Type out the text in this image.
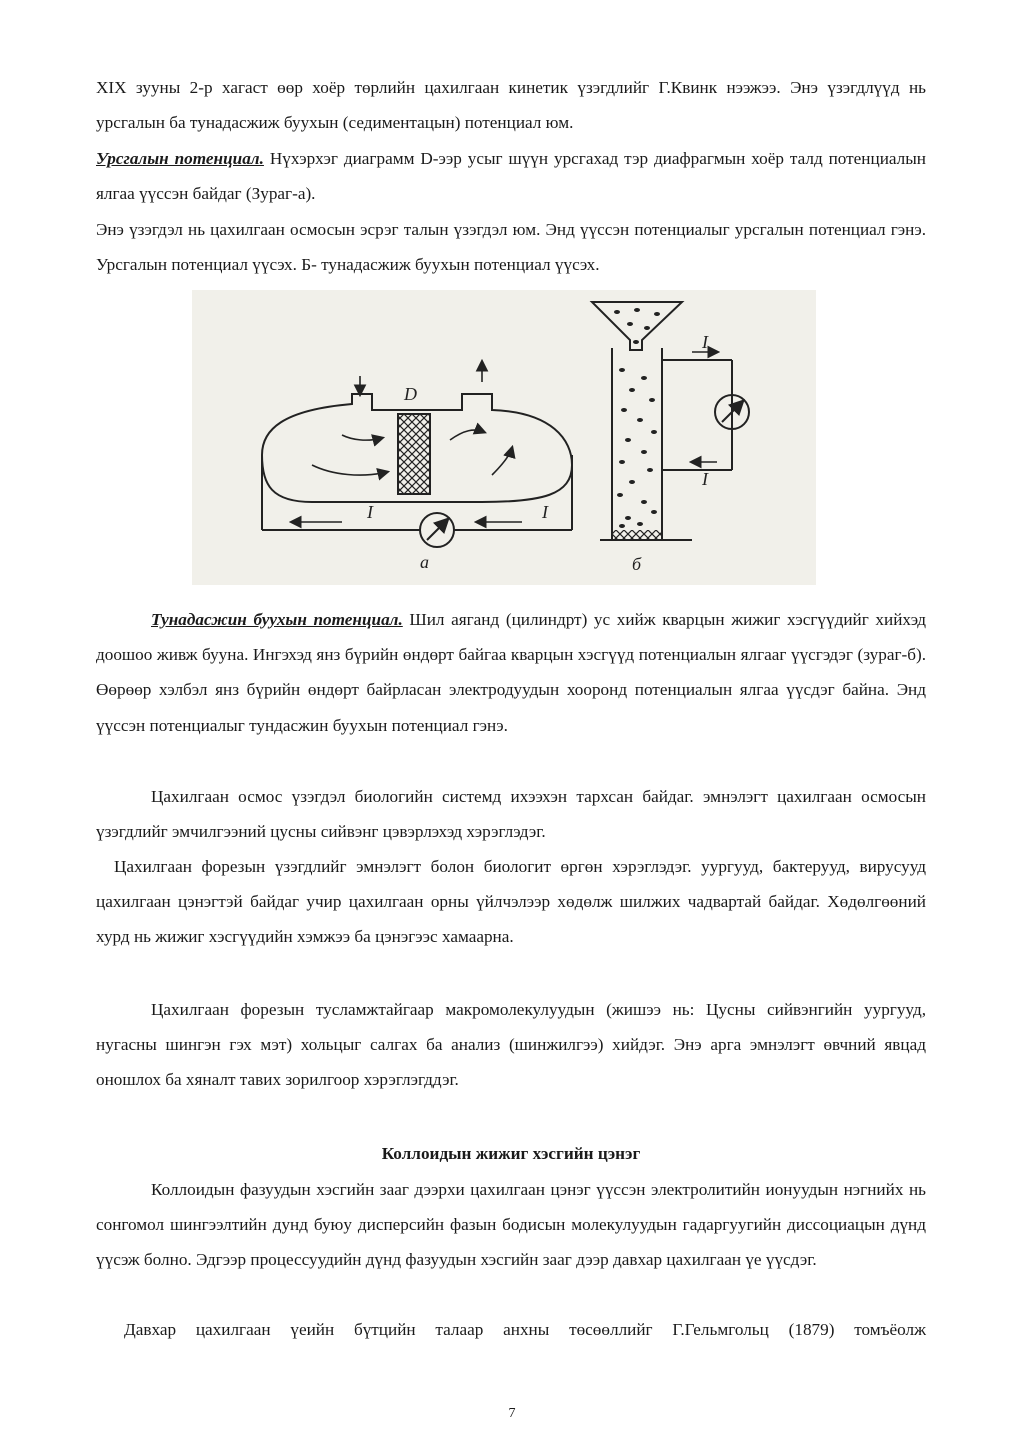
XIX зууны 2-р хагаст өөр хоёр төрлийн цахилгаан кинетик үзэгдлийг Г.Квинк нээжээ. Энэ үзэгдлүүд нь урсгалын ба тунадасжиж буухын (седиментацын) потенциал юм.

Урсгалын потенциал. Нүхэрхэг диаграмм D-ээр усыг шүүн урсгахад тэр диафрагмын хоёр талд потенциалын ялгаа үүссэн байдаг (Зураг-а).

Энэ үзэгдэл нь цахилгаан осмосын эсрэг талын үзэгдэл юм. Энд үүссэн потенциалыг урсгалын потенциал гэнэ. Урсгалын потенциал үүсэх. Б- тунадасжиж буухын потенциал үүсэх.

D
I	I
а
I
I
б

Тунадасжин буухын потенциал. Шил аяганд (цилиндрт) ус хийж кварцын жижиг хэсгүүдийг хийхэд доошоо живж бууна. Ингэхэд янз бүрийн өндөрт байгаа кварцын хэсгүүд потенциалын ялгааг үүсгэдэг (зураг-б). Өөрөөр хэлбэл янз бүрийн өндөрт байрласан электродуудын хооронд потенциалын ялгаа үүсдэг байна. Энд үүссэн потенциалыг тундасжин буухын потенциал гэнэ.

Цахилгаан осмос үзэгдэл биологийн системд ихээхэн тархсан байдаг. эмнэлэгт цахилгаан осмосын үзэгдлийг эмчилгээний цусны сийвэнг цэвэрлэхэд хэрэглэдэг.

Цахилгаан форезын үзэгдлийг эмнэлэгт болон биологит өргөн хэрэглэдэг. уургууд, бактерууд, вирусууд цахилгаан цэнэгтэй байдаг учир цахилгаан орны үйлчэлээр хөдөлж шилжих чадвартай байдаг. Хөдөлгөөний хурд нь жижиг хэсгүүдийн хэмжээ ба цэнэгээс хамаарна.

Цахилгаан форезын тусламжтайгаар макромолекулуудын (жишээ нь: Цусны сийвэнгийн уургууд, нугасны шингэн гэх мэт) хольцыг салгах ба анализ (шинжилгээ) хийдэг. Энэ арга эмнэлэгт өвчний явцад оношлох ба хяналт тавих зорилгоор хэрэглэгддэг.

Коллоидын жижиг хэсгийн цэнэг

Коллоидын фазуудын хэсгийн зааг дээрхи цахилгаан цэнэг үүссэн электролитийн ионуудын нэгнийх нь сонгомол шингээлтийн дунд буюу дисперсийн фазын бодисын молекулуудын гадаргуугийн диссоциацын дүнд үүсэж болно. Эдгээр процессуудийн дүнд фазуудын хэсгийн зааг дээр давхар цахилгаан үе үүсдэг.

Давхар цахилгаан үеийн бүтцийн талаар анхны төсөөллийг Г.Гельмгольц (1879) томъёолж

7
